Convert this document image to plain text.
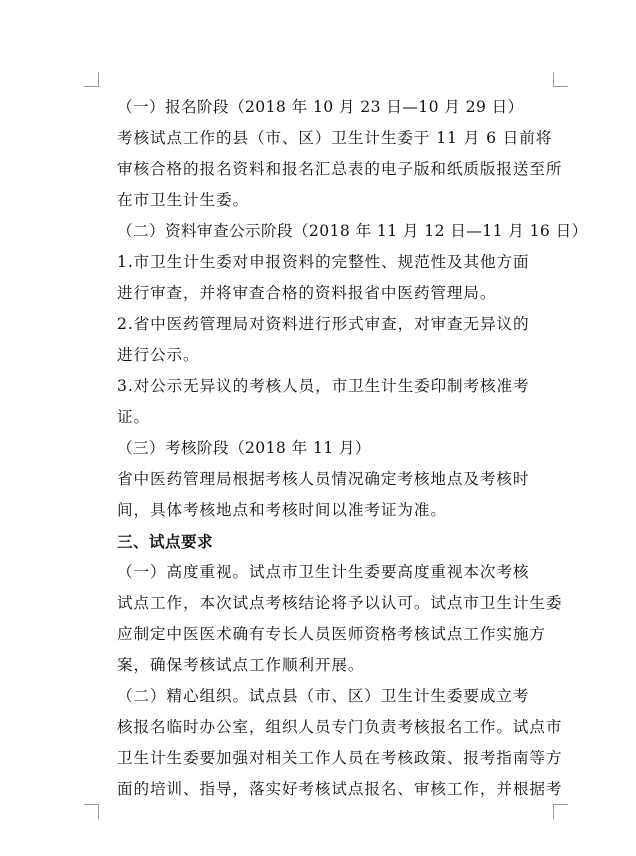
（一）报名阶段（2018 年 10 月 23 日—10 月 29 日）

考核试点工作的县（市、区）卫生计生委于 11 月 6 日前将
审核合格的报名资料和报名汇总表的电子版和纸质版报送至所
在市卫生计生委。

（二）资料审查公示阶段（2018 年 11 月 12 日—11 月 16 日）

1.市卫生计生委对申报资料的完整性、规范性及其他方面
进行审查，并将审查合格的资料报省中医药管理局。

2.省中医药管理局对资料进行形式审查，对审查无异议的
进行公示。

3.对公示无异议的考核人员，市卫生计生委印制考核准考
证。

（三）考核阶段（2018 年 11 月）

省中医药管理局根据考核人员情况确定考核地点及考核时
间，具体考核地点和考核时间以准考证为准。

三、试点要求

（一）高度重视。试点市卫生计生委要高度重视本次考核
试点工作，本次试点考核结论将予以认可。试点市卫生计生委
应制定中医医术确有专长人员医师资格考核试点工作实施方
案，确保考核试点工作顺利开展。

（二）精心组织。试点县（市、区）卫生计生委要成立考
核报名临时办公室，组织人员专门负责考核报名工作。试点市
卫生计生委要加强对相关工作人员在考核政策、报考指南等方
面的培训、指导，落实好考核试点报名、审核工作，并根据考
